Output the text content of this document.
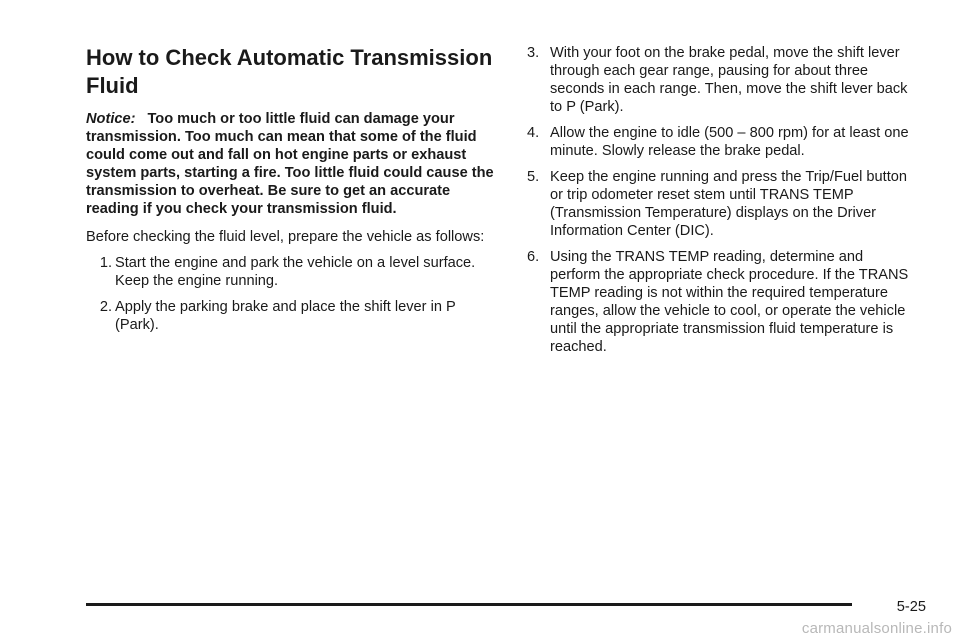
How to Check Automatic Transmission Fluid

Notice: Too much or too little fluid can damage your transmission. Too much can mean that some of the fluid could come out and fall on hot engine parts or exhaust system parts, starting a fire. Too little fluid could cause the transmission to overheat. Be sure to get an accurate reading if you check your transmission fluid.

Before checking the fluid level, prepare the vehicle as follows:

1. Start the engine and park the vehicle on a level surface. Keep the engine running.
2. Apply the parking brake and place the shift lever in P (Park).
3. With your foot on the brake pedal, move the shift lever through each gear range, pausing for about three seconds in each range. Then, move the shift lever back to P (Park).
4. Allow the engine to idle (500 – 800 rpm) for at least one minute. Slowly release the brake pedal.
5. Keep the engine running and press the Trip/Fuel button or trip odometer reset stem until TRANS TEMP (Transmission Temperature) displays on the Driver Information Center (DIC).
6. Using the TRANS TEMP reading, determine and perform the appropriate check procedure. If the TRANS TEMP reading is not within the required temperature ranges, allow the vehicle to cool, or operate the vehicle until the appropriate transmission fluid temperature is reached.
5-25
carmanualsonline.info
